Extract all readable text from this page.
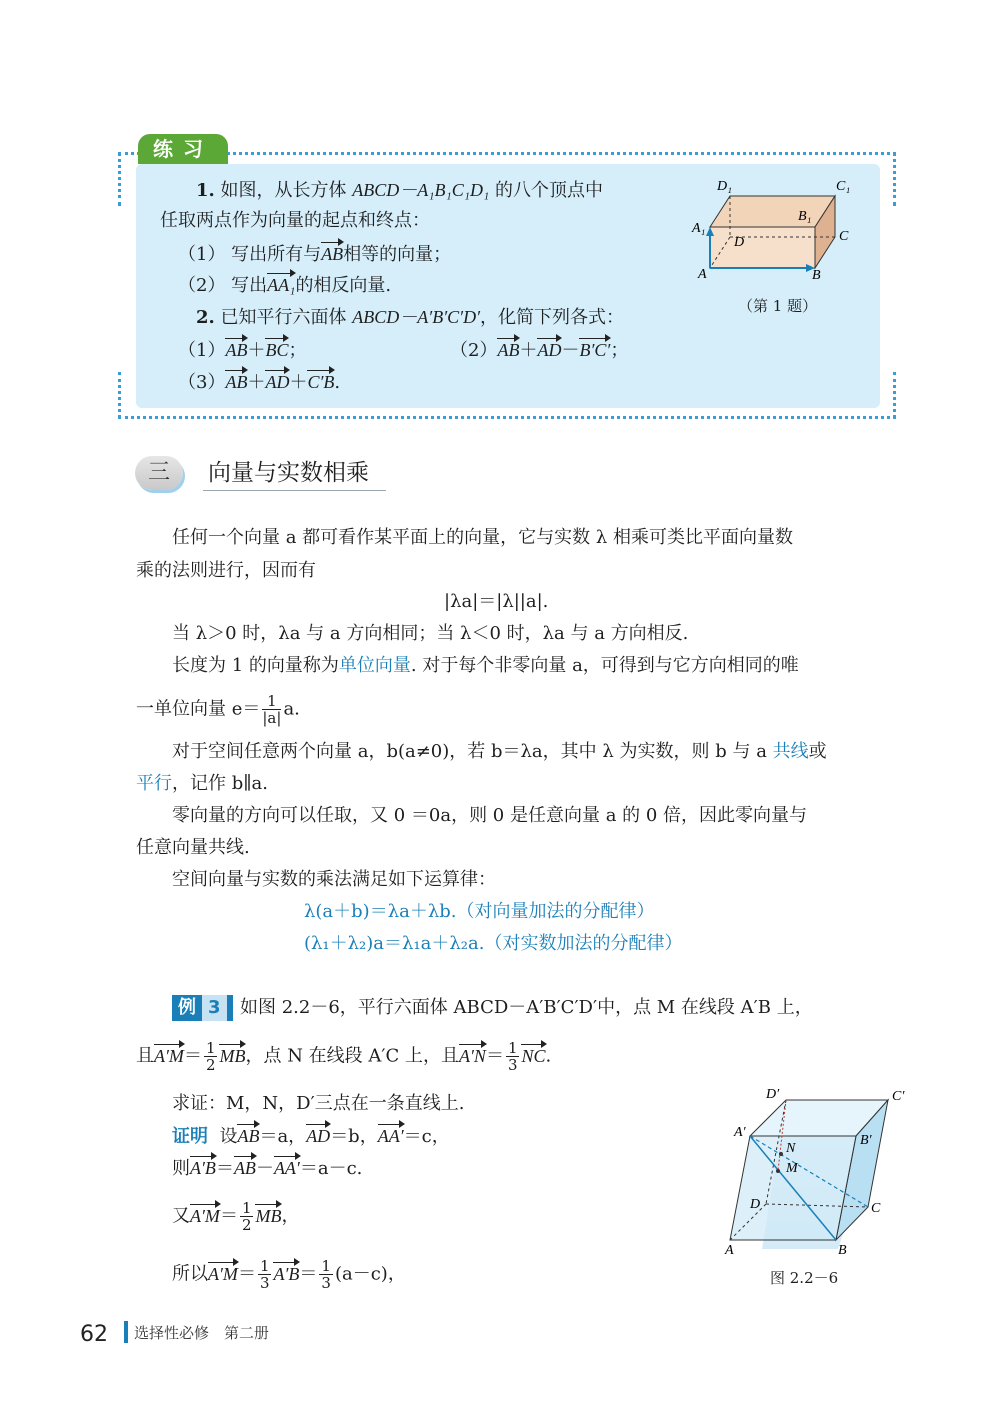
练习
1. 如图，从长方体 ABCD－A₁B₁C₁D₁ 的八个顶点中
任取两点作为向量的起点和终点：
（1） 写出所有与AB相等的向量；
（2） 写出AA₁的相反向量.
2. 已知平行六面体 ABCD－A′B′C′D′，化简下列各式：
（1）AB＋BC；	（2）AB＋AD－B′C′；
（3）AB＋AD＋C′B.
D₁	C₁
B₁
A₁
D	C
A	B
（第 1 题）
三	向量与实数相乘
任何一个向量 a 都可看作某平面上的向量，它与实数 λ 相乘可类比平面向量数
乘的法则进行，因而有
|λa|＝|λ||a|.
当 λ＞0 时，λa 与 a 方向相同；当 λ＜0 时，λa 与 a 方向相反.
长度为 1 的向量称为单位向量. 对于每个非零向量 a，可得到与它方向相同的唯
一单位向量 $e= \frac{1}{|a|} a$.
对于空间任意两个向量 a，b(a≠0)，若 b＝λa，其中 λ 为实数，则 b 与 a 共线或
平行，记作 b∥a.
零向量的方向可以任取，又 0 ＝0a，则 0 是任意向量 a 的 0 倍，因此零向量与
任意向量共线.
空间向量与实数的乘法满足如下运算律：
λ(a＋b)＝λa＋λb.（对向量加法的分配律）
(λ₁＋λ₂)a＝λ₁a＋λ₂a.（对实数加法的分配律）
例 3	如图 2.2－6，平行六面体 ABCD－A′B′C′D′中，点 M 在线段 A′B 上，
且$A'M= \frac{1}{2}$ MB，点 N 在线段 A′C 上，且$A'N= \frac{1}{3}$ NC.
求证：M，N，D′三点在一条直线上.
证明 设AB＝a，AD＝b，AA′＝c，
则A′B＝AB－AA′＝a－c.
又$A'M= \frac{1}{2}$ MB，
所以$A'M= \frac{1}{3} A'B= \frac{1}{3} (a-c)$，
D′	C′
A′
B′
N
M
D	C
A	B
图 2.2－6
62 选择性必修　第二册
